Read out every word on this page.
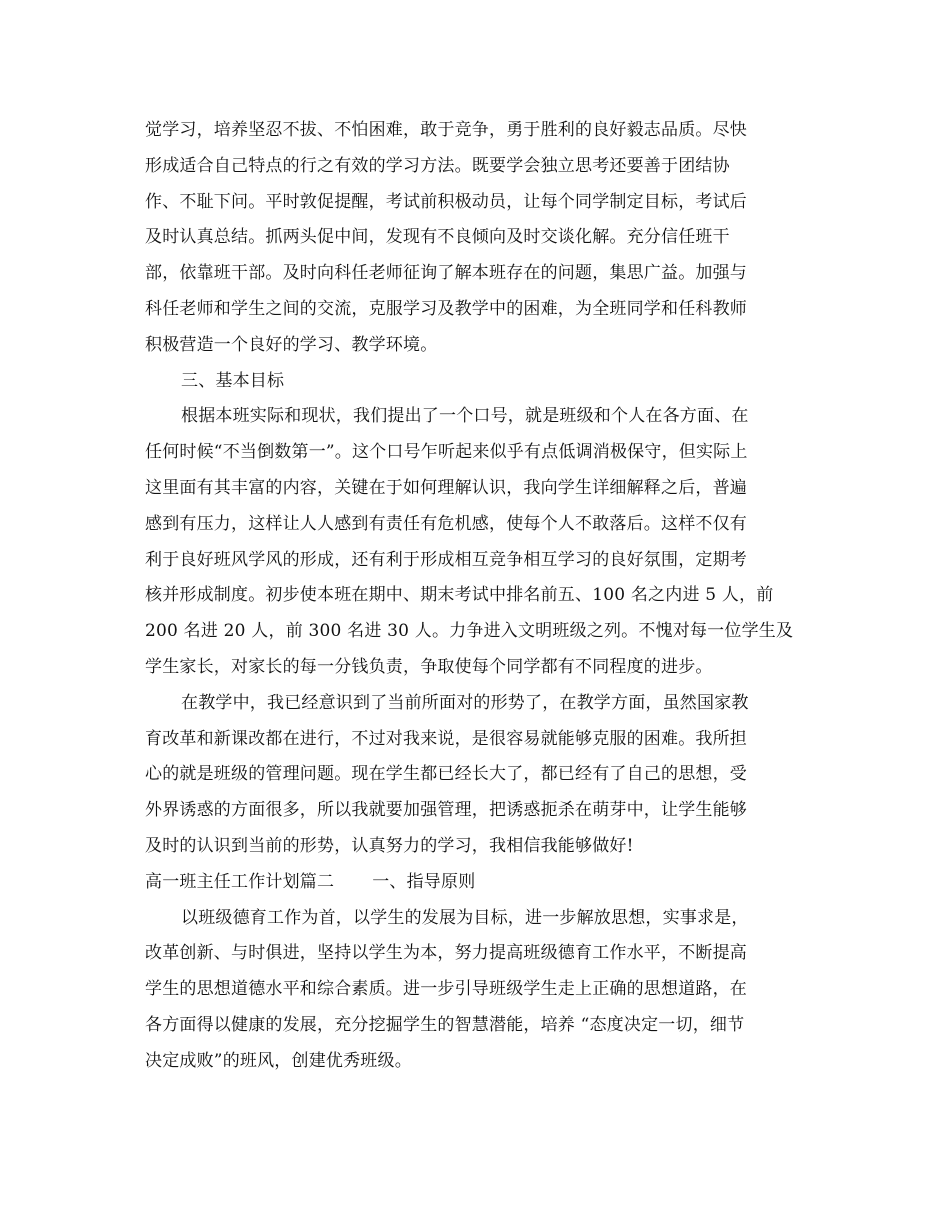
觉学习，培养坚忍不拔、不怕困难，敢于竞争，勇于胜利的良好毅志品质。尽快
形成适合自己特点的行之有效的学习方法。既要学会独立思考还要善于团结协
作、不耻下问。平时敦促提醒，考试前积极动员，让每个同学制定目标，考试后
及时认真总结。抓两头促中间，发现有不良倾向及时交谈化解。充分信任班干
部，依靠班干部。及时向科任老师征询了解本班存在的问题，集思广益。加强与
科任老师和学生之间的交流，克服学习及教学中的困难，为全班同学和任科教师
积极营造一个良好的学习、教学环境。
三、基本目标
根据本班实际和现状，我们提出了一个口号，就是班级和个人在各方面、在
任何时候“不当倒数第一”。这个口号乍听起来似乎有点低调消极保守，但实际上
这里面有其丰富的内容，关键在于如何理解认识，我向学生详细解释之后，普遍
感到有压力，这样让人人感到有责任有危机感，使每个人不敢落后。这样不仅有
利于良好班风学风的形成，还有利于形成相互竞争相互学习的良好氛围，定期考
核并形成制度。初步使本班在期中、期末考试中排名前五、100 名之内进 5 人，前
200 名进 20 人，前 300 名进 30 人。力争进入文明班级之列。不愧对每一位学生及
学生家长，对家长的每一分钱负责，争取使每个同学都有不同程度的进步。
在教学中，我已经意识到了当前所面对的形势了，在教学方面，虽然国家教
育改革和新课改都在进行，不过对我来说，是很容易就能够克服的困难。我所担
心的就是班级的管理问题。现在学生都已经长大了，都已经有了自己的思想，受
外界诱惑的方面很多，所以我就要加强管理，把诱惑扼杀在萌芽中，让学生能够
及时的认识到当前的形势，认真努力的学习，我相信我能够做好!
高一班主任工作计划篇二 一、指导原则
以班级德育工作为首，以学生的发展为目标，进一步解放思想，实事求是，
改革创新、与时俱进，坚持以学生为本，努力提高班级德育工作水平，不断提高
学生的思想道德水平和综合素质。进一步引导班级学生走上正确的思想道路，在
各方面得以健康的发展，充分挖掘学生的智慧潜能，培养 “态度决定一切，细节
决定成败”的班风，创建优秀班级。
